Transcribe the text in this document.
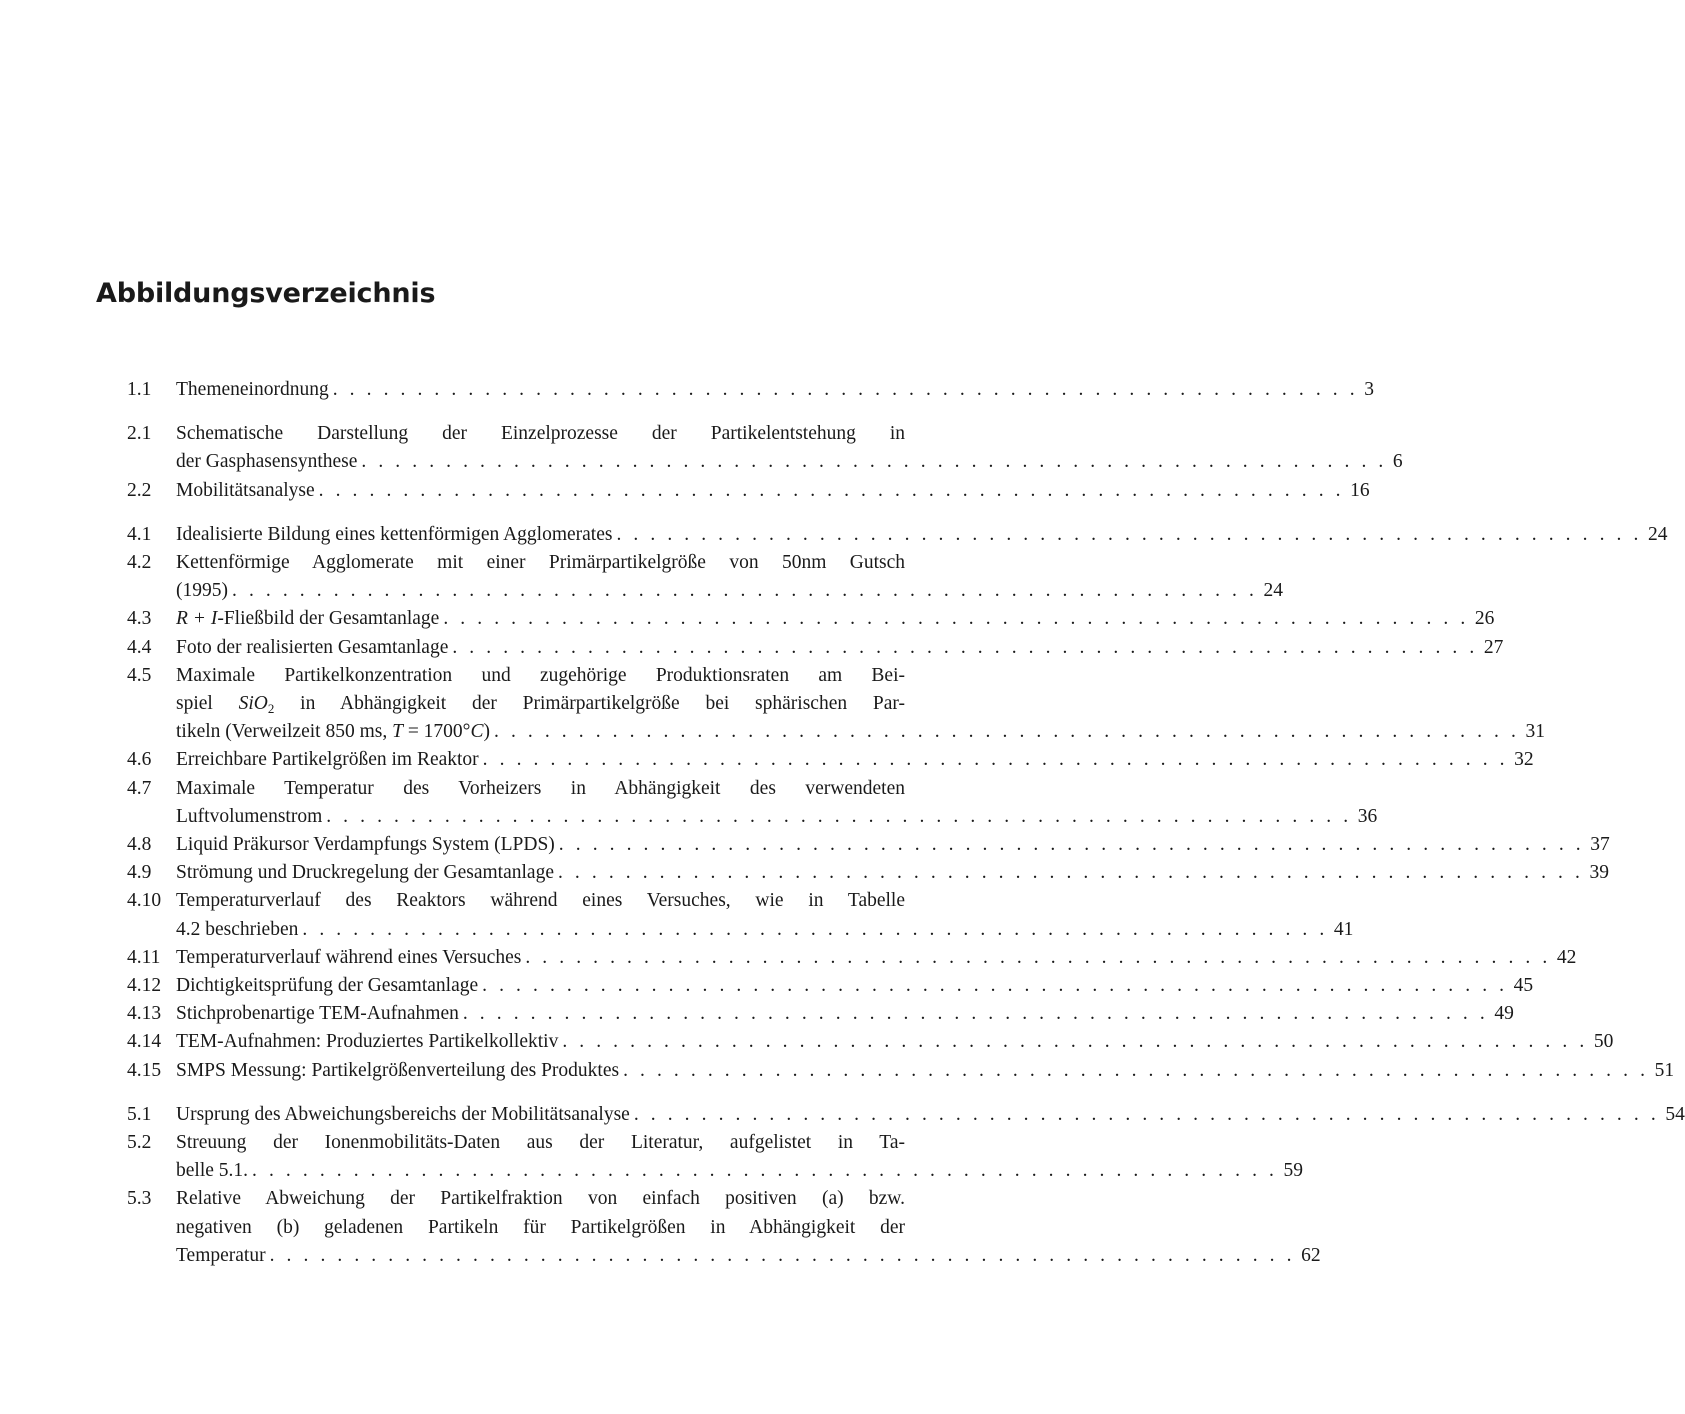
Abbildungsverzeichnis
1.1	Themeneinordnung . . . . . . . . . . . . . . . . . . . . . . . . . . . . . . . . . . . . . . . . . . . . . . . . . . . . . . . . . . . . . 3
2.1	Schematische Darstellung der Einzelprozesse der Partikelentstehung in
der Gasphasensynthese . . . . . . . . . . . . . . . . . . . . . . . . . . . . . . . . . . . . . . . . . . . . . . . . . . . . . . . . . . . . . 6
2.2	Mobilitätsanalyse . . . . . . . . . . . . . . . . . . . . . . . . . . . . . . . . . . . . . . . . . . . . . . . . . . . . . . . . . . . . . 16
4.1	Idealisierte Bildung eines kettenförmigen Agglomerates . . . . . . . . . . . . . . . . . . . . . . . . . . . . . . . . . . . . . . . . . . . . . . . . . . . . . . . . . . . . . 24
4.2	Kettenförmige Agglomerate mit einer Primärpartikelgröße von 50nm Gutsch
(1995) . . . . . . . . . . . . . . . . . . . . . . . . . . . . . . . . . . . . . . . . . . . . . . . . . . . . . . . . . . . . . 24
4.3	R + I-Fließbild der Gesamtanlage . . . . . . . . . . . . . . . . . . . . . . . . . . . . . . . . . . . . . . . . . . . . . . . . . . . . . . . . . . . . . 26
4.4	Foto der realisierten Gesamtanlage . . . . . . . . . . . . . . . . . . . . . . . . . . . . . . . . . . . . . . . . . . . . . . . . . . . . . . . . . . . . . 27
4.5	Maximale Partikelkonzentration und zugehörige Produktionsraten am Bei-
spiel SiO$_2$ in Abhängigkeit der Primärpartikelgröße bei sphärischen Par-
tikeln (Verweilzeit 850 ms, T = 1700°C) . . . . . . . . . . . . . . . . . . . . . . . . . . . . . . . . . . . . . . . . . . . . . . . . . . . . . . . . . . . . . 31
4.6	Erreichbare Partikelgrößen im Reaktor . . . . . . . . . . . . . . . . . . . . . . . . . . . . . . . . . . . . . . . . . . . . . . . . . . . . . . . . . . . . . 32
4.7	Maximale Temperatur des Vorheizers in Abhängigkeit des verwendeten
Luftvolumenstrom . . . . . . . . . . . . . . . . . . . . . . . . . . . . . . . . . . . . . . . . . . . . . . . . . . . . . . . . . . . . . 36
4.8	Liquid Präkursor Verdampfungs System (LPDS) . . . . . . . . . . . . . . . . . . . . . . . . . . . . . . . . . . . . . . . . . . . . . . . . . . . . . . . . . . . . . 37
4.9	Strömung und Druckregelung der Gesamtanlage . . . . . . . . . . . . . . . . . . . . . . . . . . . . . . . . . . . . . . . . . . . . . . . . . . . . . . . . . . . . . 39
4.10 Temperaturverlauf des Reaktors während eines Versuches, wie in Tabelle
4.2 beschrieben . . . . . . . . . . . . . . . . . . . . . . . . . . . . . . . . . . . . . . . . . . . . . . . . . . . . . . . . . . . . . 41
4.11 Temperaturverlauf während eines Versuches . . . . . . . . . . . . . . . . . . . . . . . . . . . . . . . . . . . . . . . . . . . . . . . . . . . . . . . . . . . . . 42
4.12 Dichtigkeitsprüfung der Gesamtanlage . . . . . . . . . . . . . . . . . . . . . . . . . . . . . . . . . . . . . . . . . . . . . . . . . . . . . . . . . . . . . 45
4.13 Stichprobenartige TEM-Aufnahmen . . . . . . . . . . . . . . . . . . . . . . . . . . . . . . . . . . . . . . . . . . . . . . . . . . . . . . . . . . . . . 49
4.14 TEM-Aufnahmen: Produziertes Partikelkollektiv . . . . . . . . . . . . . . . . . . . . . . . . . . . . . . . . . . . . . . . . . . . . . . . . . . . . . . . . . . . . . 50
4.15 SMPS Messung: Partikelgrößenverteilung des Produktes . . . . . . . . . . . . . . . . . . . . . . . . . . . . . . . . . . . . . . . . . . . . . . . . . . . . . . . . . . . . . 51
5.1	Ursprung des Abweichungsbereichs der Mobilitätsanalyse . . . . . . . . . . . . . . . . . . . . . . . . . . . . . . . . . . . . . . . . . . . . . . . . . . . . . . . . . . . . . 54
5.2	Streuung der Ionenmobilitäts-Daten aus der Literatur, aufgelistet in Ta-
belle 5.1. . . . . . . . . . . . . . . . . . . . . . . . . . . . . . . . . . . . . . . . . . . . . . . . . . . . . . . . . . . . . . 59
5.3	Relative Abweichung der Partikelfraktion von einfach positiven (a) bzw.
negativen (b) geladenen Partikeln für Partikelgrößen in Abhängigkeit der
Temperatur . . . . . . . . . . . . . . . . . . . . . . . . . . . . . . . . . . . . . . . . . . . . . . . . . . . . . . . . . . . . . 62
